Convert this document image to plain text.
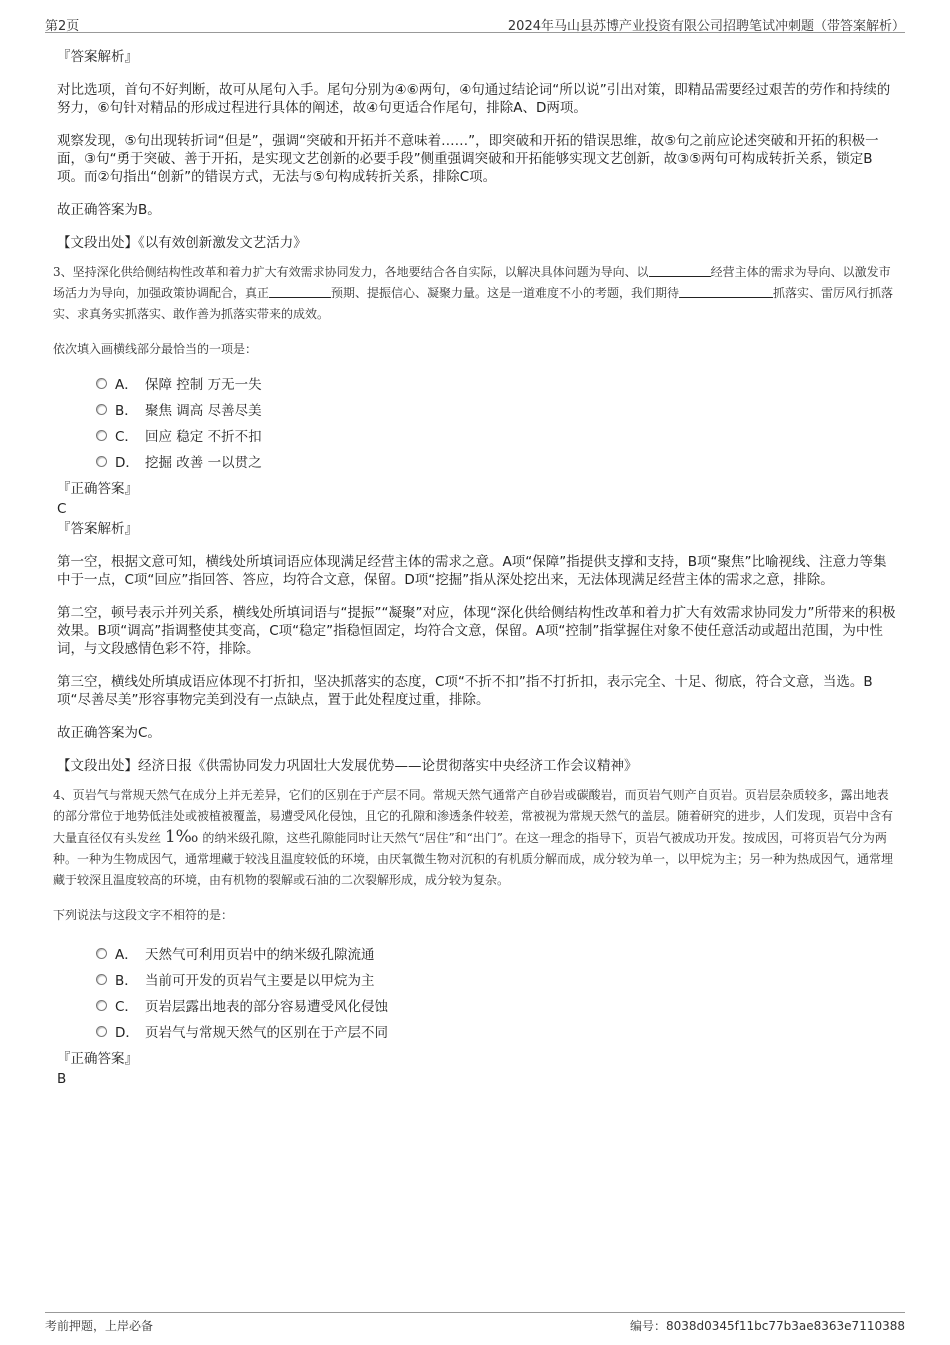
第2页	2024年马山县苏博产业投资有限公司招聘笔试冲刺题（带答案解析）

『答案解析』

对比选项，首句不好判断，故可从尾句入手。尾句分别为④⑥两句，④句通过结论词“所以说”引出对策，即精品需要经过艰苦的劳作和持续的努力，⑥句针对精品的形成过程进行具体的阐述，故④句更适合作尾句，排除A、D两项。

观察发现，⑤句出现转折词“但是”，强调“突破和开拓并不意味着……”，即突破和开拓的错误思维，故⑤句之前应论述突破和开拓的积极一面，③句“勇于突破、善于开拓，是实现文艺创新的必要手段”侧重强调突破和开拓能够实现文艺创新，故③⑤两句可构成转折关系，锁定B项。而②句指出“创新”的错误方式，无法与⑤句构成转折关系，排除C项。

故正确答案为B。

【文段出处】《以有效创新激发文艺活力》

3、坚持深化供给侧结构性改革和着力扩大有效需求协同发力，各地要结合各自实际，以解决具体问题为导向、以	经营主体的需求为导向、以激发市场活力为导向，加强政策协调配合，真正	预期、提振信心、凝聚力量。这是一道难度不小的考题，我们期待	抓落实、雷厉风行抓落实、求真务实抓落实、敢作善为抓落实带来的成效。

依次填入画横线部分最恰当的一项是：

A． 保障 控制 万无一失
B． 聚焦 调高 尽善尽美
C． 回应 稳定 不折不扣
D． 挖掘 改善 一以贯之

『正确答案』

C

『答案解析』

第一空，根据文意可知，横线处所填词语应体现满足经营主体的需求之意。A项“保障”指提供支撑和支持，B项“聚焦”比喻视线、注意力等集中于一点，C项“回应”指回答、答应，均符合文意，保留。D项“挖掘”指从深处挖出来，无法体现满足经营主体的需求之意，排除。

第二空，顿号表示并列关系，横线处所填词语与“提振”“凝聚”对应，体现“深化供给侧结构性改革和着力扩大有效需求协同发力”所带来的积极效果。B项“调高”指调整使其变高，C项“稳定”指稳恒固定，均符合文意，保留。A项“控制”指掌握住对象不使任意活动或超出范围，为中性词，与文段感情色彩不符，排除。

第三空，横线处所填成语应体现不打折扣，坚决抓落实的态度，C项“不折不扣”指不打折扣，表示完全、十足、彻底，符合文意，当选。B项“尽善尽美”形容事物完美到没有一点缺点，置于此处程度过重，排除。

故正确答案为C。

【文段出处】经济日报《供需协同发力巩固壮大发展优势——论贯彻落实中央经济工作会议精神》

4、页岩气与常规天然气在成分上并无差异，它们的区别在于产层不同。常规天然气通常产自砂岩或碳酸岩，而页岩气则产自页岩。页岩层杂质较多，露出地表的部分常位于地势低洼处或被植被覆盖，易遭受风化侵蚀，且它的孔隙和渗透条件较差，常被视为常规天然气的盖层。随着研究的进步，人们发现，页岩中含有大量直径仅有头发丝 1‰ 的纳米级孔隙，这些孔隙能同时让天然气“居住”和“出门”。在这一理念的指导下，页岩气被成功开发。按成因，可将页岩气分为两种。一种为生物成因气，通常埋藏于较浅且温度较低的环境，由厌氧微生物对沉积的有机质分解而成，成分较为单一，以甲烷为主；另一种为热成因气，通常埋藏于较深且温度较高的环境，由有机物的裂解或石油的二次裂解形成，成分较为复杂。

下列说法与这段文字不相符的是：

A． 天然气可利用页岩中的纳米级孔隙流通
B． 当前可开发的页岩气主要是以甲烷为主
C． 页岩层露出地表的部分容易遭受风化侵蚀
D． 页岩气与常规天然气的区别在于产层不同

『正确答案』

B

考前押题，上岸必备	编号：8038d0345f11bc77b3ae8363e7110388
